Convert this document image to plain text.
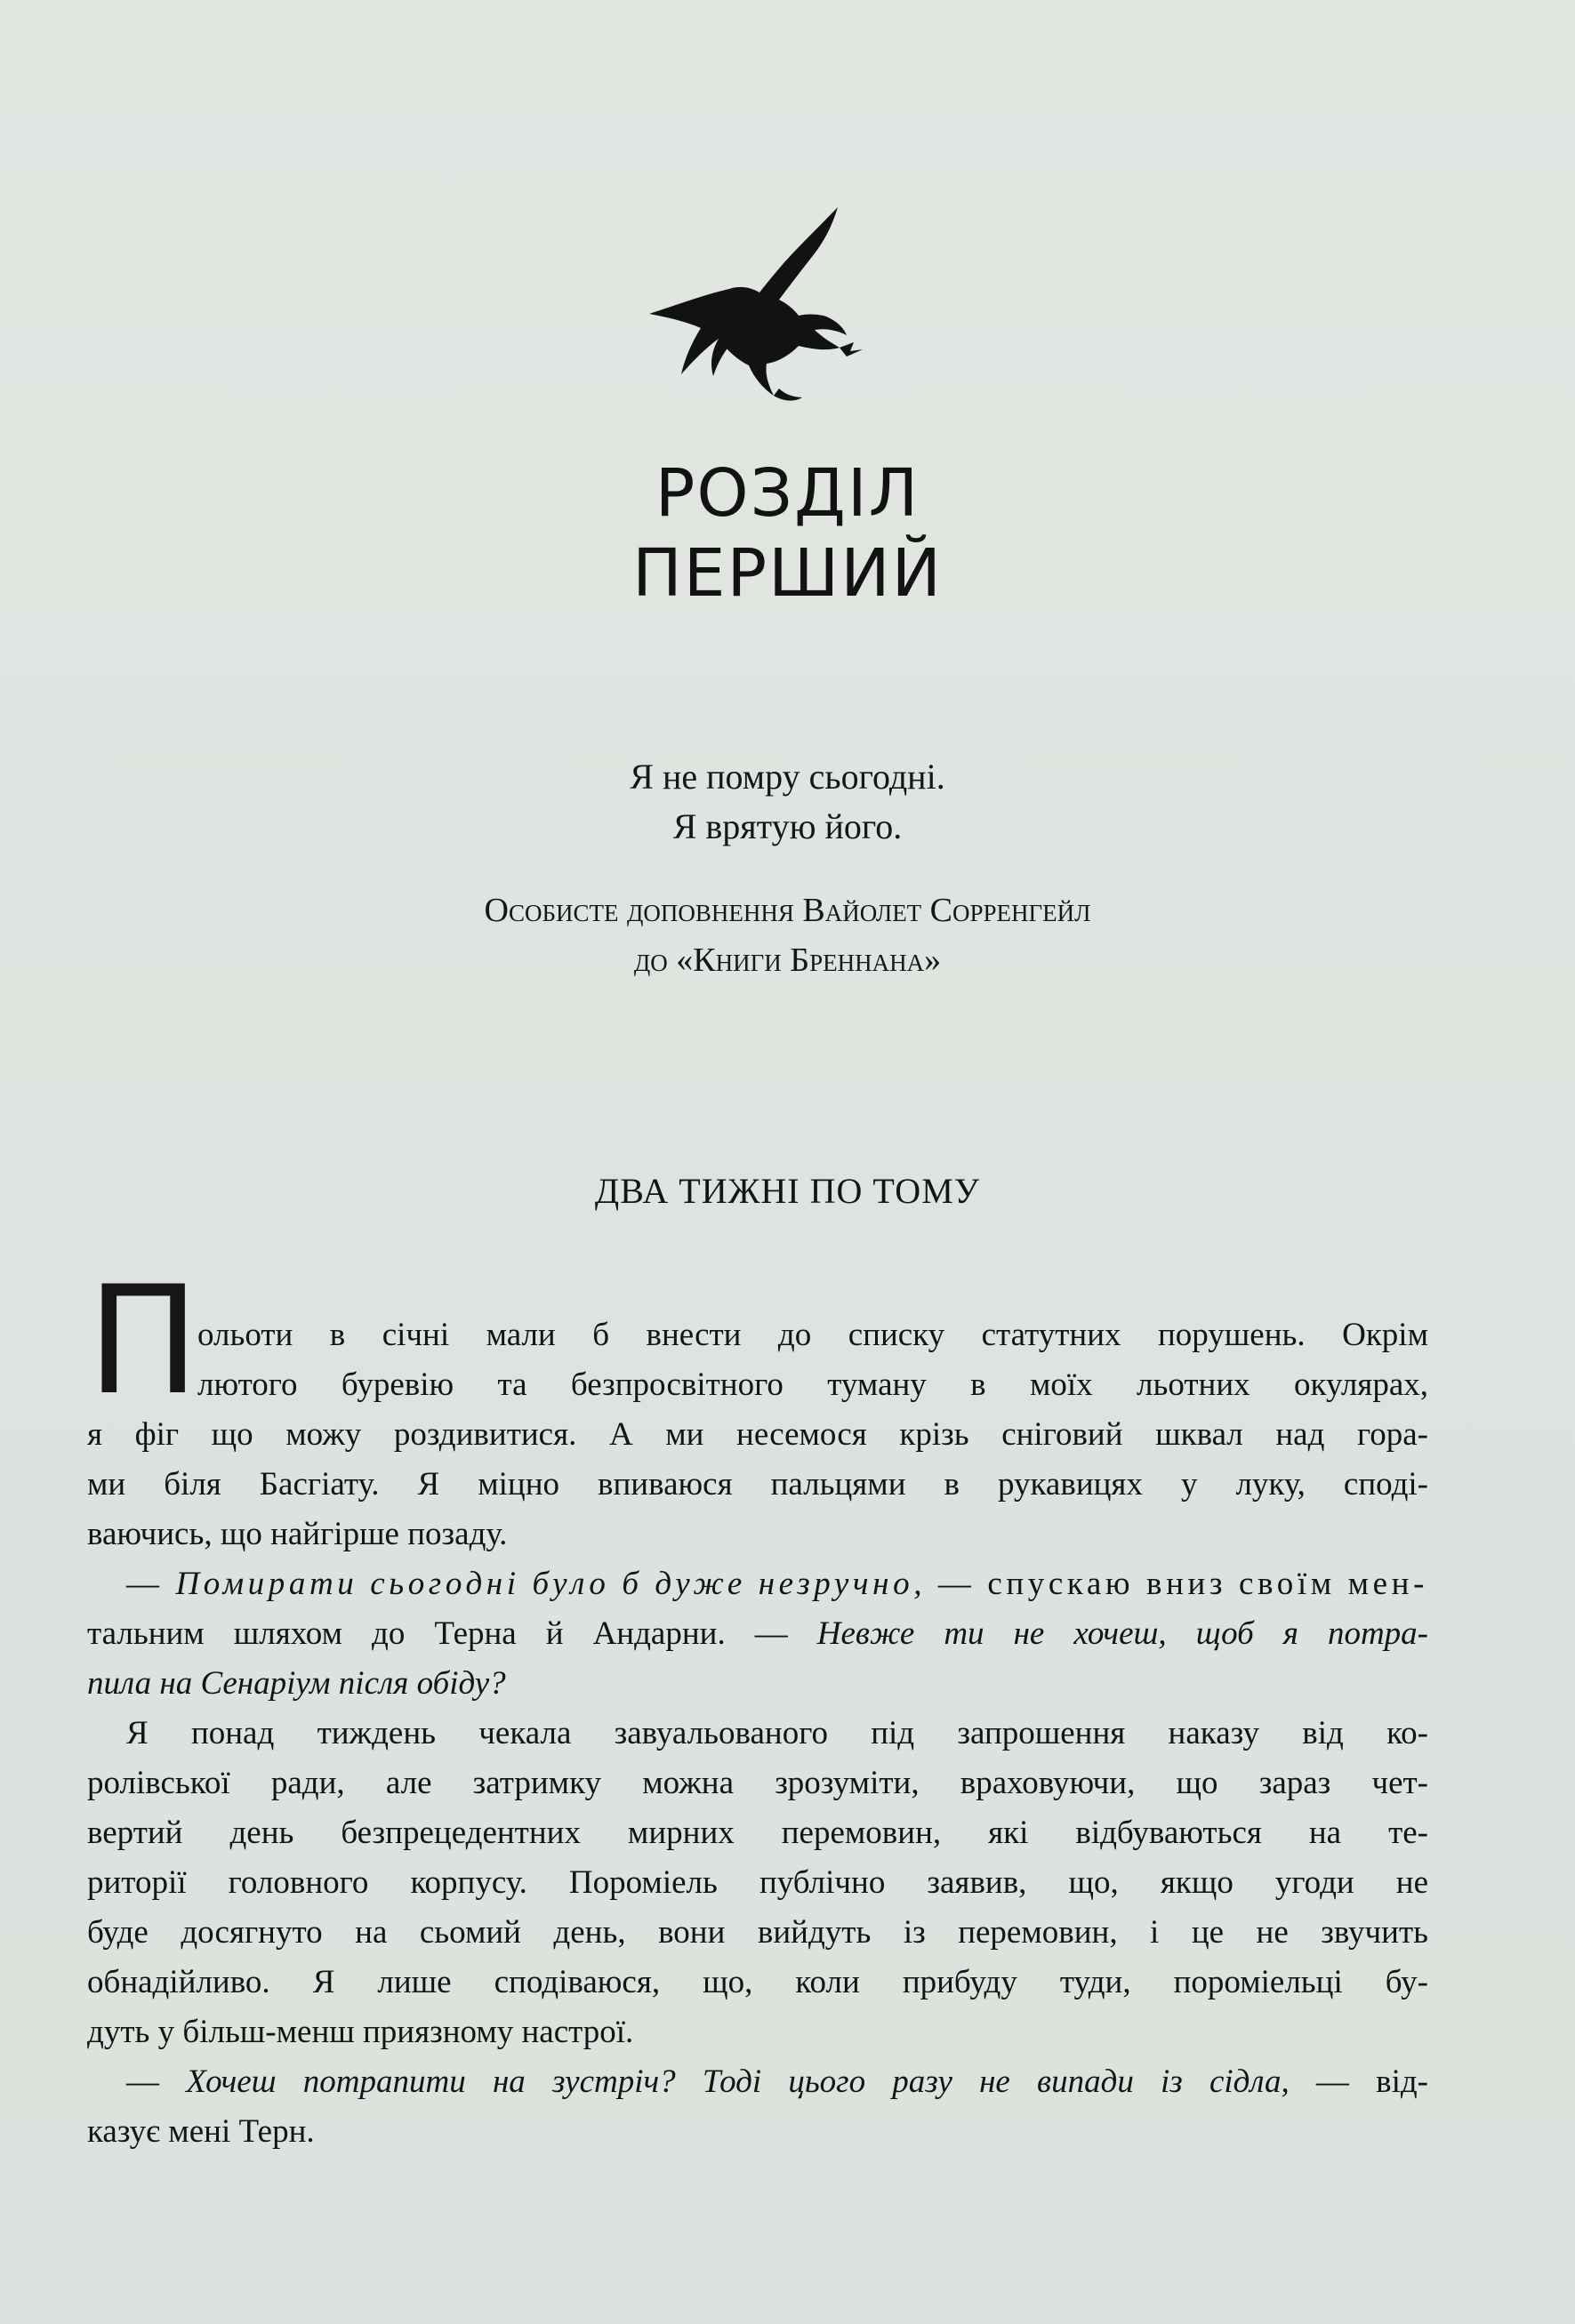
РОЗДІЛ
ПЕРШИЙ
Я не помру сьогодні.
Я врятую його.
Особисте доповнення Вайолет Сорренгейл
до «Книги Бреннана»
ДВА ТИЖНІ ПО ТОМУ
П
ольоти в січні мали б внести до списку статутних порушень. Окрім
лютого буревію та безпросвітного туману в моїх льотних окулярах,
я фіг що можу роздивитися. А ми несемося крізь сніговий шквал над гора-
ми біля Басгіату. Я міцно впиваюся пальцями в рукавицях у луку, сподi-
ваючись, що найгірше позаду.
— Помирати сьогодні було б дуже незручно, — спускаю вниз своїм мен-
тальним шляхом до Терна й Андарни. — Невже ти не хочеш, щоб я потра-
пила на Сенаріум після обіду?
Я понад тиждень чекала завуальованого під запрошення наказу від ко-
ролівської ради, але затримку можна зрозуміти, враховуючи, що зараз чет-
вертий день безпрецедентних мирних перемовин, які відбуваються на те-
риторії головного корпусу. Пороміель публічно заявив, що, якщо угоди не
буде досягнуто на сьомий день, вони вийдуть із перемовин, і це не звучить
обнадійливо. Я лише сподіваюся, що, коли прибуду туди, пороміельці бу-
дуть у більш-менш приязному настрої.
— Хочеш потрапити на зустріч? Тоді цього разу не випади із сідла, — від-
казує мені Терн.
